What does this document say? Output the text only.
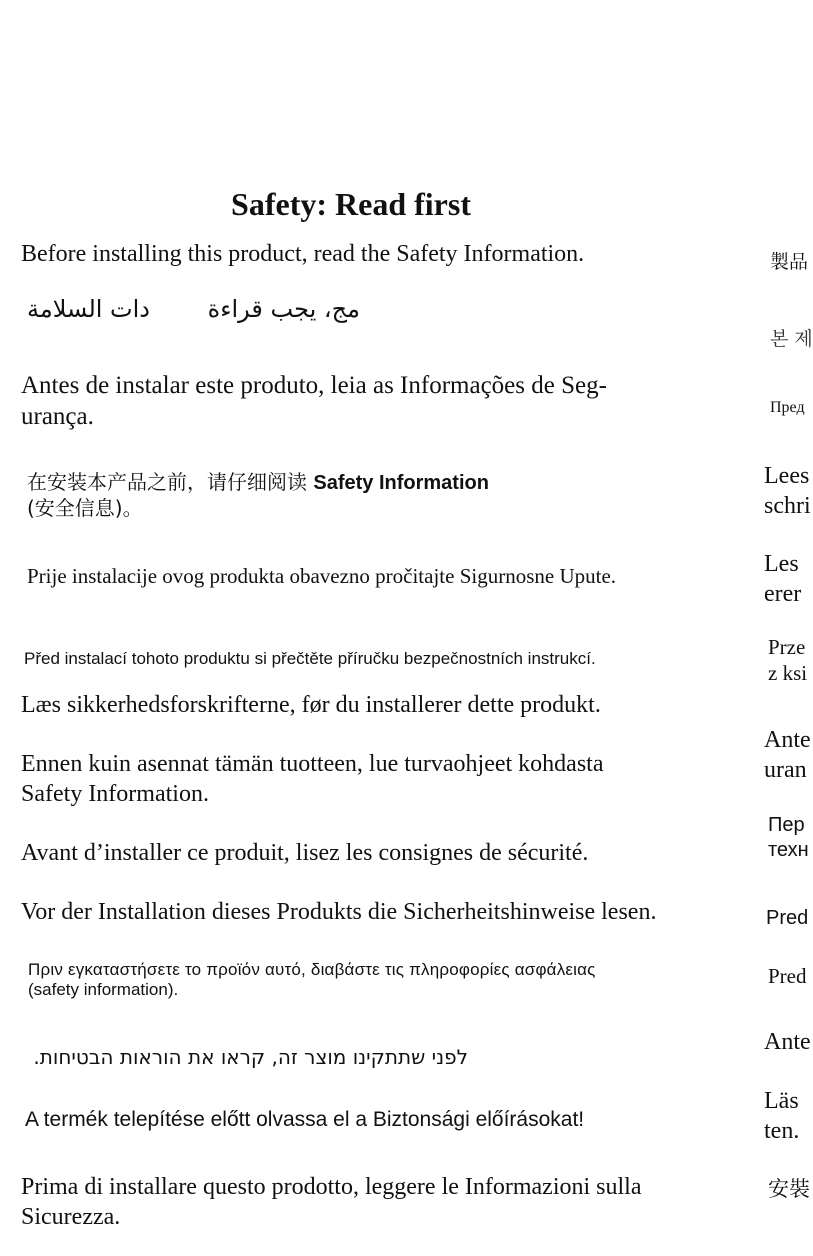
Safety: Read first

Before installing this product, read the Safety Information.

مج، يجب قراءة

دات السلامة

Antes de instalar este produto, leia as Informações de Seg-

urança.

在安装本产品之前，请仔细阅读 Safety Information

(安全信息)。

Prije instalacije ovog produkta obavezno pročitajte Sigurnosne Upute.

Před instalací tohoto produktu si přečtěte příručku bezpečnostních instrukcí.

Læs sikkerhedsforskrifterne, før du installerer dette produkt.

Ennen kuin asennat tämän tuotteen, lue turvaohjeet kohdasta

Safety Information.

Avant d’installer ce produit, lisez les consignes de sécurité.

Vor der Installation dieses Produkts die Sicherheitshinweise lesen.

Πριν εγκαταστήσετε το προϊόν αυτό, διαβάστε τις πληροφορίες ασφάλειας

(safety information).

לפני שתתקינו מוצר זה, קראו את הוראות הבטיחות.

A termék telepítése előtt olvassa el a Biztonsági előírásokat!

Prima di installare questo prodotto, leggere le Informazioni sulla

Sicurezza.

製品

본 제

Пред

Lees

schri

Les

erer

Prze

z ksi

Ante

uran

Пер

техн

Pred

Pred

Ante

Läs

ten.

安裝
